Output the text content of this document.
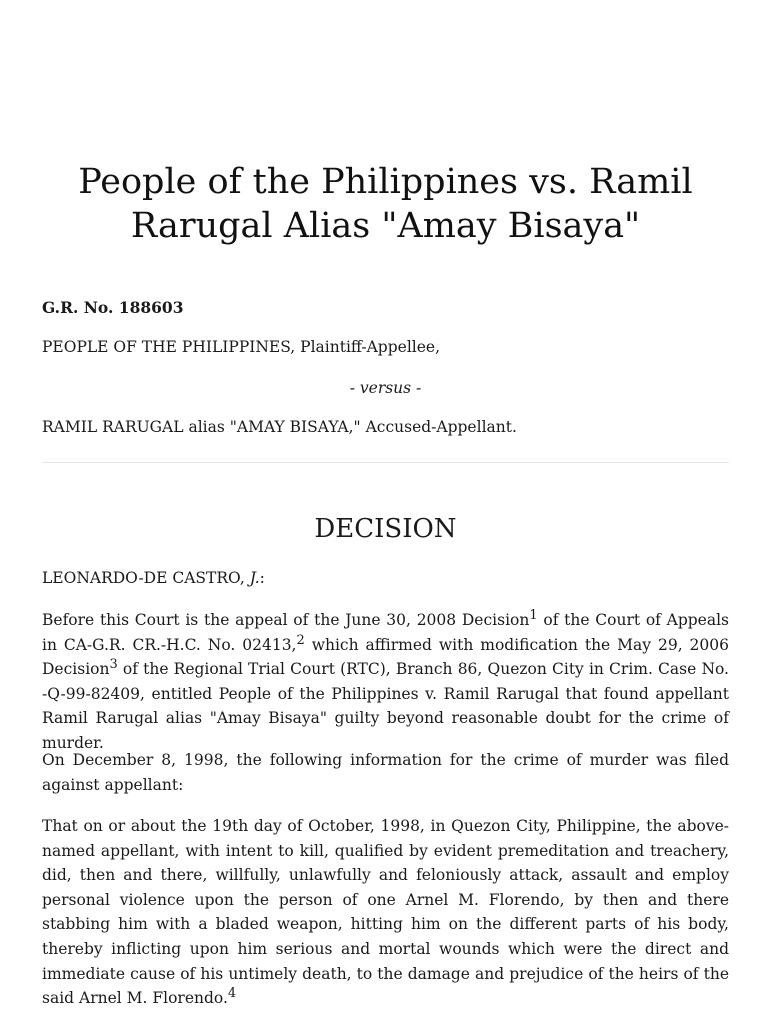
People of the Philippines vs. Ramil Rarugal Alias "Amay Bisaya"

G.R. No. 188603

PEOPLE OF THE PHILIPPINES, Plaintiff-Appellee,

- versus -

RAMIL RARUGAL alias "AMAY BISAYA," Accused-Appellant.

DECISION

LEONARDO-DE CASTRO, J.:

Before this Court is the appeal of the June 30, 2008 Decision$^1$ of the Court of Appeals in CA-G.R. CR.-H.C. No. 02413,$^2$ which affirmed with modification the May 29, 2006 Decision$^3$ of the Regional Trial Court (RTC), Branch 86, Quezon City in Crim. Case No. -Q-99-82409, entitled People of the Philippines v. Ramil Rarugal that found appellant Ramil Rarugal alias "Amay Bisaya" guilty beyond reasonable doubt for the crime of murder.

On December 8, 1998, the following information for the crime of murder was filed against appellant:

That on or about the 19th day of October, 1998, in Quezon City, Philippine, the above-named appellant, with intent to kill, qualified by evident premeditation and treachery, did, then and there, willfully, unlawfully and feloniously attack, assault and employ personal violence upon the person of one Arnel M. Florendo, by then and there stabbing him with a bladed weapon, hitting him on the different parts of his body, thereby inflicting upon him serious and mortal wounds which were the direct and immediate cause of his untimely death, to the damage and prejudice of the heirs of the said Arnel M. Florendo.$^4$
